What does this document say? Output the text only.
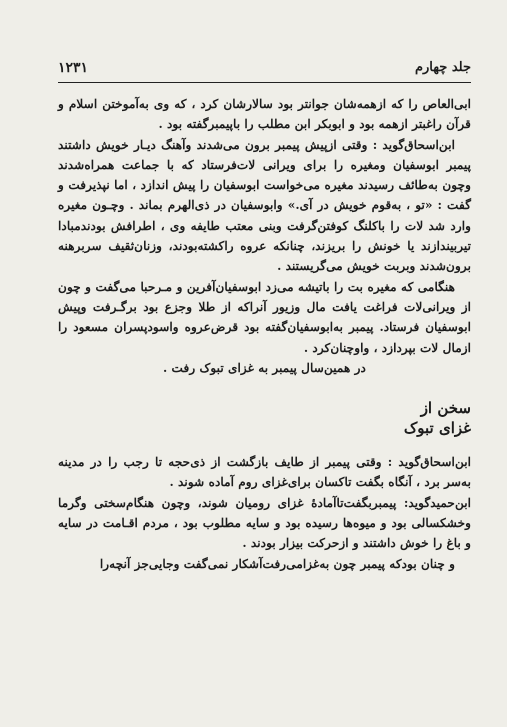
جلد چهارم
۱۲۳۱

ابی‌العاص را که ازهمه‌شان جوانتر بود سالارشان کرد ، که وی به‌آموختن اسلام و قرآن راغبتر ازهمه بود و ابوبکر ابن مطلب را باپیمبرگفته بود .

ابن‌اسحاق‌گوید : وقتی ازپیش پیمبر برون می‌شدند وآهنگ دیـار خویش داشتند پیمبر ابوسفیان ومغیره را برای ویرانی لات‌فرستاد که با جماعت همراه‌شدند وچون به‌طائف رسیدند مغیره می‌خواست ابوسفیان را پیش اندازد ، اما نپذیرفت و گفت : «تو ، به‌قوم خویش در آی.» وابوسفیان در ذی‌الهرم بماند . وچـون مغیره وارد شد لات را باکلنگ کوفتن‌گرفت وبنی معتب طایفه وی ، اطرافش بودندمبادا تیربیندازند یا خونش را بریزند، چنانکه عروه راکشته‌بودند، وزنان‌ثقیف سربرهنه برون‌شدند وبربت خویش می‌گریستند .

هنگامی که مغیره بت را باتیشه می‌زد ابوسفیان‌آفرین و مـرحبا می‌گفت و چون از ویرانی‌لات فراغت یافت مال وزیور آنراکه از طلا وجزع بود برگـرفت وپیش ابوسفیان فرستاد. پیمبر به‌ابوسفیان‌گفته بود قرض‌عروه واسودپسران مسعود را ازمال لات بپردازد ، واوچنان‌کرد .

در همین‌سال پیمبر به غزای تبوک رفت .

سخن از

غزای تبوک

ابن‌اسحاق‌گوید : وقتی پیمبر از طایف بازگشت از ذی‌حجه تا رجب را در مدینه به‌سر برد ، آنگاه بگفت تاکسان برای‌غزای روم آماده شوند .

ابن‌حمیدگوید: پیمبربگفت‌تاآمادهٔ غزای رومیان شوند، وچون هنگام‌سختی وگرما وخشکسالی بود و میوه‌ها رسیده بود و سایه مطلوب بود ، مردم اقـامت در سایه و باغ را خوش داشتند و ازحرکت بیزار بودند .

و چنان بودکه پیمبر چون به‌غزامی‌رفت‌آشکار نمی‌گفت وجایی‌جز آنچه‌را
